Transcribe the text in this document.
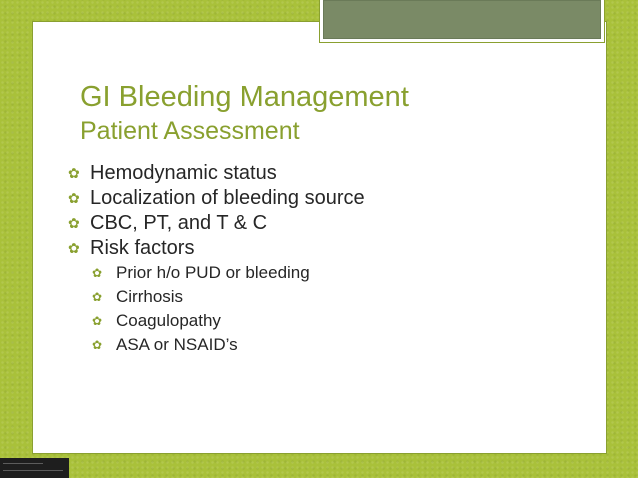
GI Bleeding Management
Patient Assessment
✿ Hemodynamic status
✿ Localization of bleeding source
✿ CBC, PT, and T & C
✿ Risk factors
✿ Prior h/o PUD or bleeding
✿ Cirrhosis
✿ Coagulopathy
✿ ASA or NSAID’s
